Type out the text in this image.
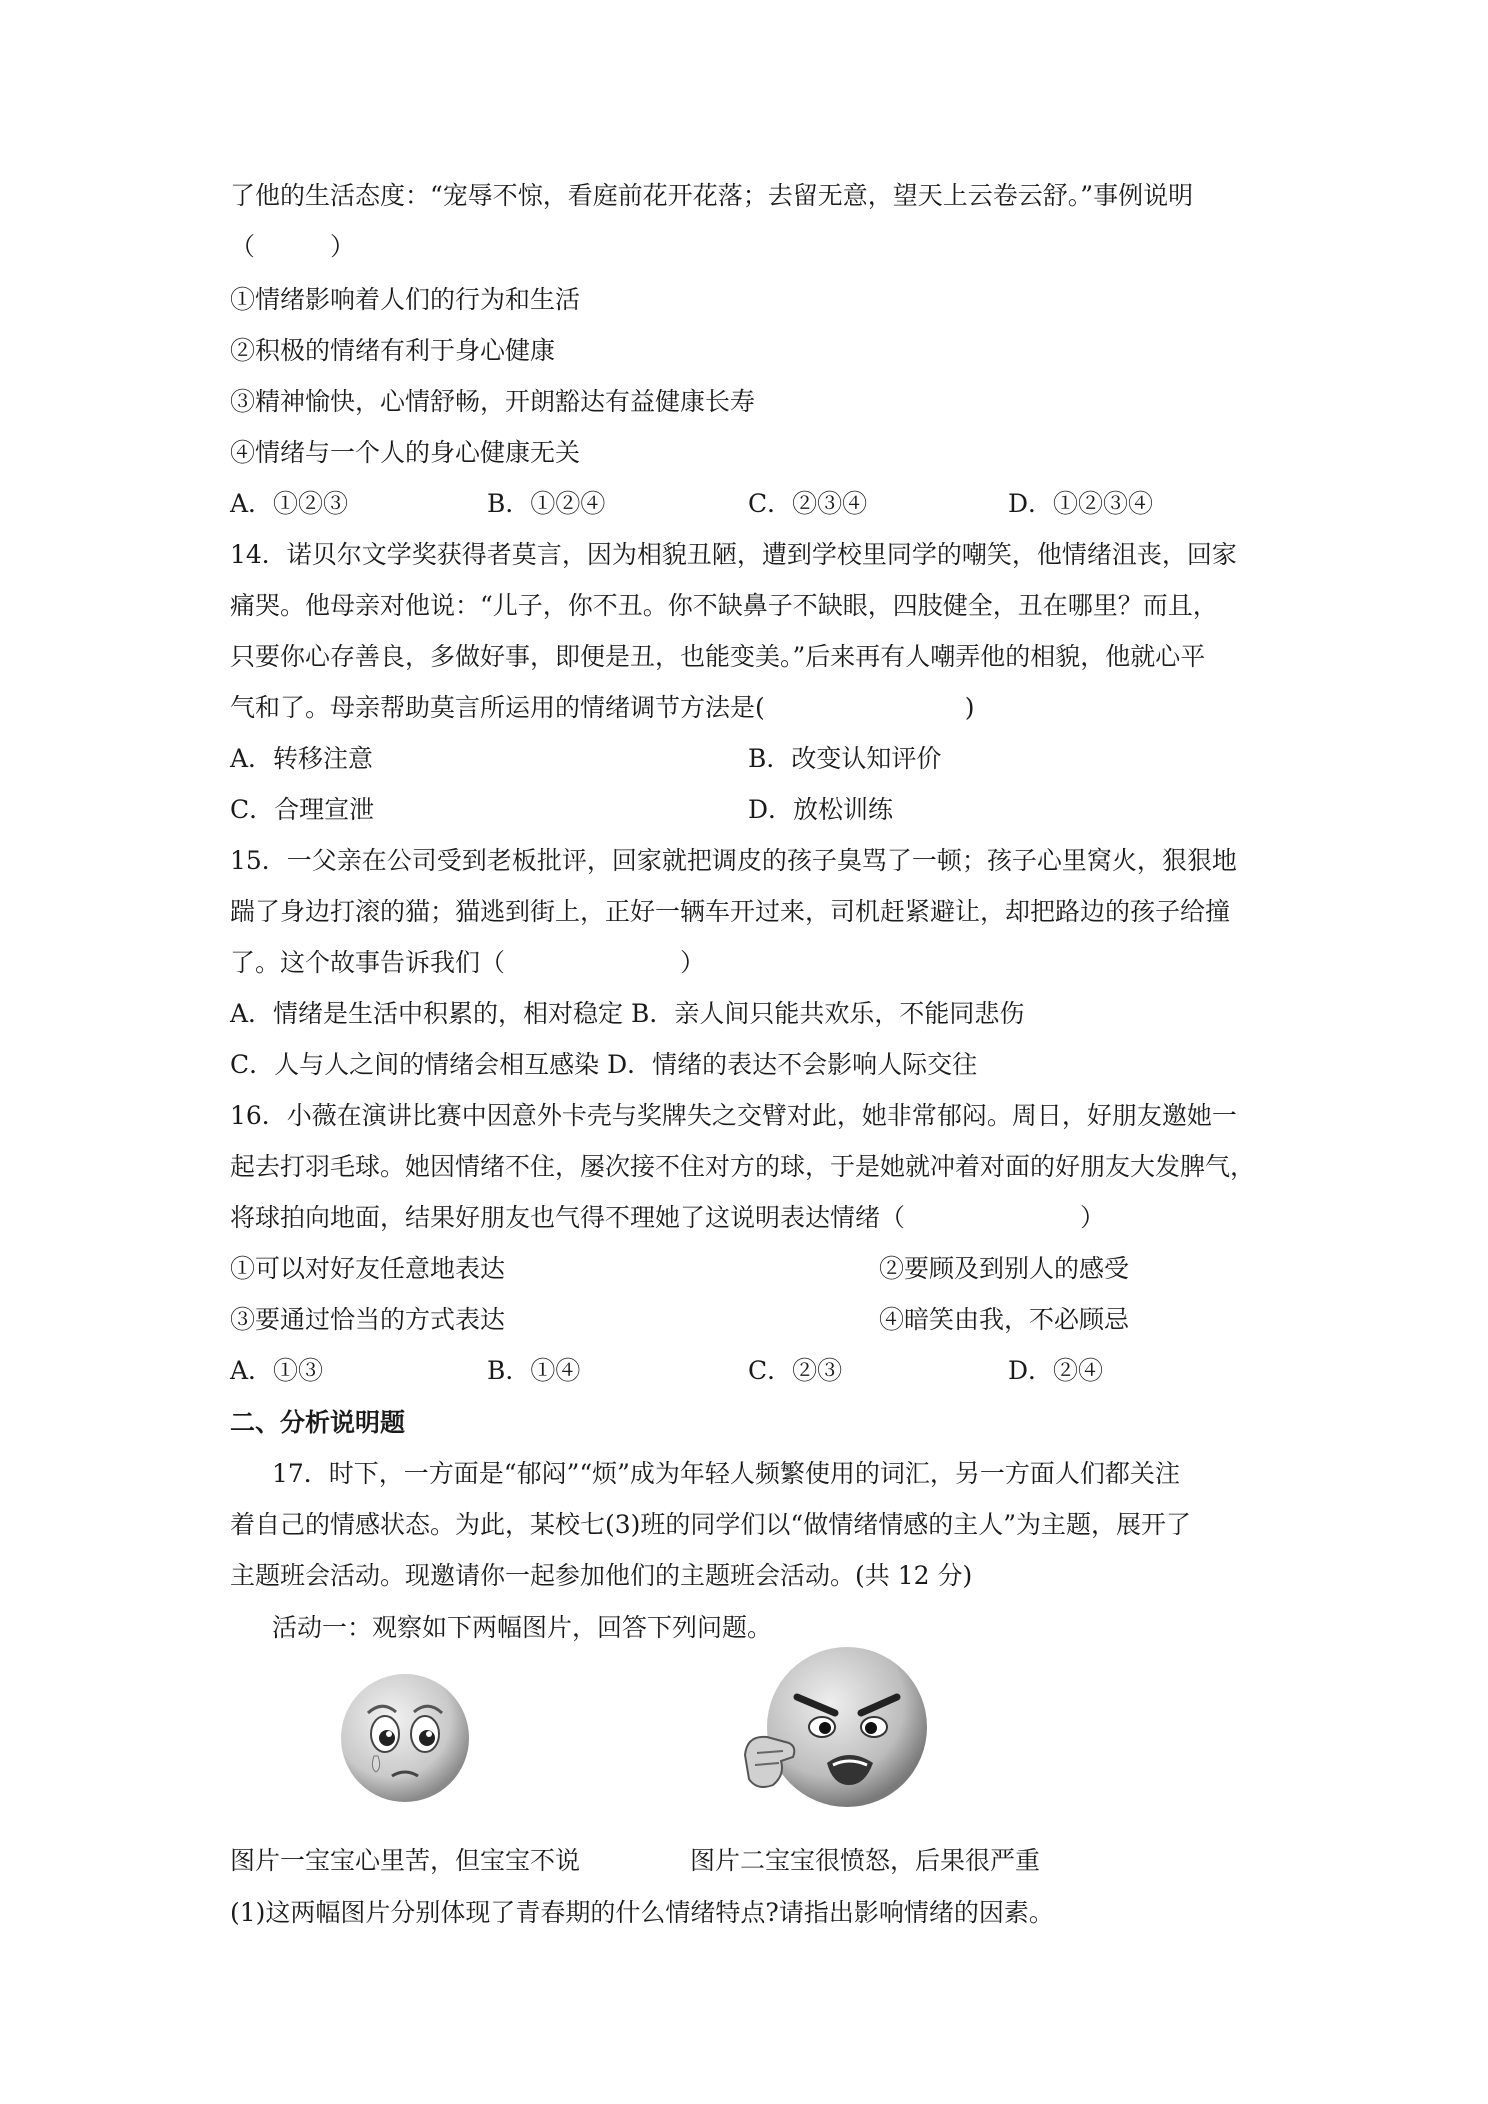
了他的生活态度：“宠辱不惊，看庭前花开花落；去留无意，望天上云卷云舒。”事例说明
（　　　）
①情绪影响着人们的行为和生活
②积极的情绪有利于身心健康
③精神愉快，心情舒畅，开朗豁达有益健康长寿
④情绪与一个人的身心健康无关
A．①②③	B．①②④	C．②③④	D．①②③④
14．诺贝尔文学奖获得者莫言，因为相貌丑陋，遭到学校里同学的嘲笑，他情绪沮丧，回家
痛哭。他母亲对他说：“儿子，你不丑。你不缺鼻子不缺眼，四肢健全，丑在哪里？而且，
只要你心存善良，多做好事，即便是丑，也能变美。”后来再有人嘲弄他的相貌，他就心平
气和了。母亲帮助莫言所运用的情绪调节方法是(　　　　　　　　)
A．转移注意	B．改变认知评价
C．合理宣泄	D．放松训练
15．一父亲在公司受到老板批评，回家就把调皮的孩子臭骂了一顿；孩子心里窝火，狠狠地
踹了身边打滚的猫；猫逃到街上，正好一辆车开过来，司机赶紧避让，却把路边的孩子给撞
了。这个故事告诉我们（　　　　　　　）
A．情绪是生活中积累的，相对稳定 B．亲人间只能共欢乐，不能同悲伤
C．人与人之间的情绪会相互感染 D．情绪的表达不会影响人际交往
16．小薇在演讲比赛中因意外卡壳与奖牌失之交臂对此，她非常郁闷。周日，好朋友邀她一
起去打羽毛球。她因情绪不住，屡次接不住对方的球，于是她就冲着对面的好朋友大发脾气，
将球拍向地面，结果好朋友也气得不理她了这说明表达情绪（　　　　　　　）
①可以对好友任意地表达	②要顾及到别人的感受
③要通过恰当的方式表达	④暗笑由我，不必顾忌
A．①③	B．①④	C．②③	D．②④
二、分析说明题
17．时下，一方面是“郁闷”“烦”成为年轻人频繁使用的词汇，另一方面人们都关注
着自己的情感状态。为此，某校七(3)班的同学们以“做情绪情感的主人”为主题，展开了
主题班会活动。现邀请你一起参加他们的主题班会活动。(共 12 分)
活动一：观察如下两幅图片，回答下列问题。
图片一宝宝心里苦，但宝宝不说	图片二宝宝很愤怒，后果很严重
(1)这两幅图片分别体现了青春期的什么情绪特点?请指出影响情绪的因素。
